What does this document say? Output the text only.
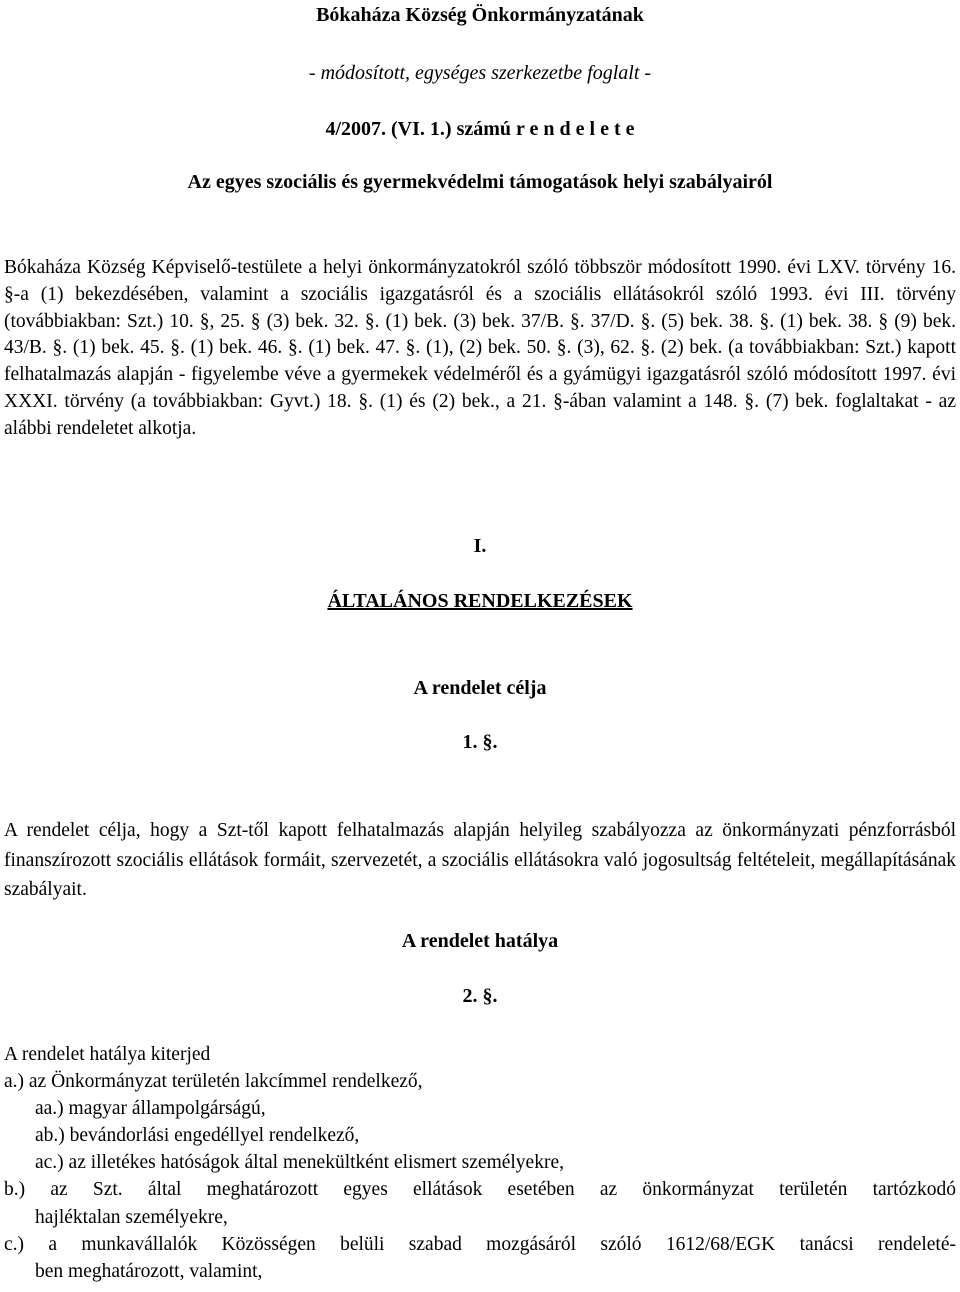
Bókaháza Község Önkormányzatának
- módosított, egységes szerkezetbe foglalt -
4/2007. (VI. 1.) számú r e n d e l e t e
Az egyes szociális és gyermekvédelmi támogatások helyi szabályairól
Bókaháza Község Képviselő-testülete a helyi önkormányzatokról szóló többször módosított 1990. évi LXV. törvény 16. §-a (1) bekezdésében, valamint a szociális igazgatásról és a szociális ellátásokról szóló 1993. évi III. törvény (továbbiakban: Szt.) 10. §, 25. § (3) bek. 32. §. (1) bek. (3) bek. 37/B. §. 37/D. §. (5) bek. 38. §. (1) bek. 38. § (9) bek. 43/B. §. (1) bek. 45. §. (1) bek. 46. §. (1) bek. 47. §. (1), (2) bek. 50. §. (3), 62. §. (2) bek. (a továbbiakban: Szt.) kapott felhatalmazás alapján - figyelembe véve a gyermekek védelméről és a gyámügyi igazgatásról szóló módosított 1997. évi XXXI. törvény (a továbbiakban: Gyvt.) 18. §. (1) és (2) bek., a 21. §-ában valamint a 148. §. (7) bek. foglaltakat - az alábbi rendeletet alkotja.
I.
ÁLTALÁNOS RENDELKEZÉSEK
A rendelet célja
1. §.
A rendelet célja, hogy a Szt-től kapott felhatalmazás alapján helyileg szabályozza az önkormányzati pénzforrásból finanszírozott szociális ellátások formáit, szervezetét, a szociális ellátásokra való jogosultság feltételeit, megállapításának szabályait.
A rendelet hatálya
2. §.
A rendelet hatálya kiterjed
a.) az Önkormányzat területén lakcímmel rendelkező,
aa.) magyar állampolgárságú,
ab.) bevándorlási engedéllyel rendelkező,
ac.) az illetékes hatóságok által menekültként elismert személyekre,
b.) az Szt. által meghatározott egyes ellátások esetében az önkormányzat területén tartózkodó
hajléktalan személyekre,
c.) a munkavállalók Közösségen belüli szabad mozgásáról szóló 1612/68/EGK tanácsi rendeleté-
ben meghatározott, valamint,
